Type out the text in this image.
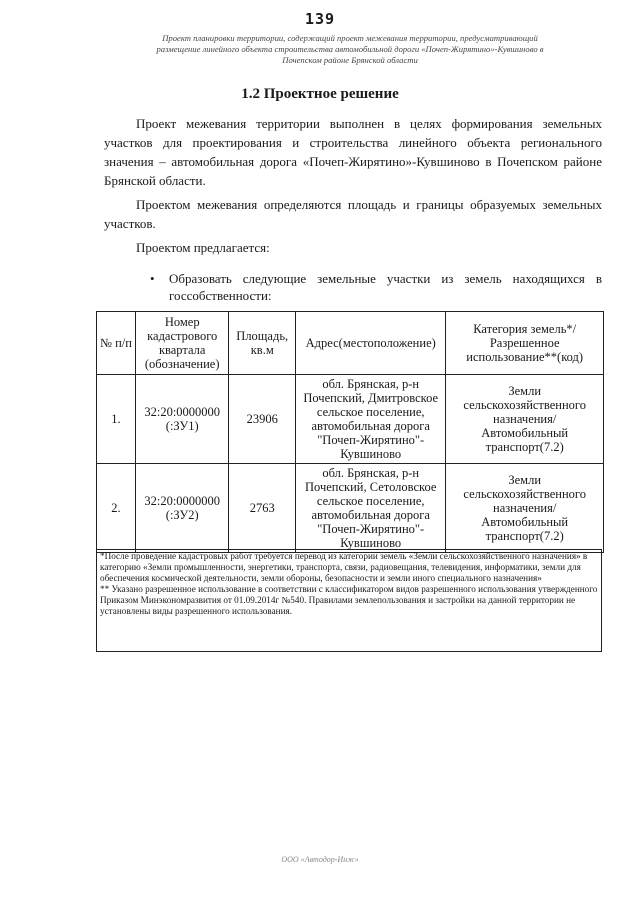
139
Проект планировки территории, содержащий проект межевания территории, предусматривающий
размещение линейного объекта строительства автомобильной дороги «Почеп-Жирятино»-Кувшиново в
Почепском районе Брянской области
1.2 Проектное решение

Проект межевания территории выполнен в целях формирования земельных участков для проектирования и строительства линейного объекта регионального значения – автомобильная дорога «Почеп-Жирятино»-Кувшиново в Почепском районе Брянской области.

Проектом межевания определяются площадь и границы образуемых земельных участков.

Проектом предлагается:

• Образовать следующие земельные участки из земель находящихся в госсобственности:
№ п/п	Номер кадастрового квартала (обозначение)	Площадь, кв.м	Адрес(местоположение)	Категория земель*/ Разрешенное использование**(код)
1.	32:20:0000000 (:ЗУ1)	23906	обл. Брянская, р-н Почепский, Дмитровское сельское поселение, автомобильная дорога "Почеп-Жирятино"-Кувшиново	Земли сельскохозяйственного назначения/ Автомобильный транспорт(7.2)
2.	32:20:0000000 (:ЗУ2)	2763	обл. Брянская, р-н Почепский, Сетоловское сельское поселение, автомобильная дорога "Почеп-Жирятино"-Кувшиново	Земли сельскохозяйственного назначения/ Автомобильный транспорт(7.2)

*После проведение кадастровых работ требуется перевод из категории земель «Земли сельскохозяйственного назначения» в категорию «Земли промышленности, энергетики, транспорта, связи, радиовещания, телевидения, информатики, земли для обеспечения космической деятельности, земли обороны, безопасности и земли иного специального назначения»

** Указано разрешенное использование в соответствии с классификатором видов разрешенного использования утвержденного Приказом Минэкономразвития от 01.09.2014г №540. Правилами землепользования и застройки на данной территории не установлены виды разрешенного использования.

ООО «Автодор-Инж»
